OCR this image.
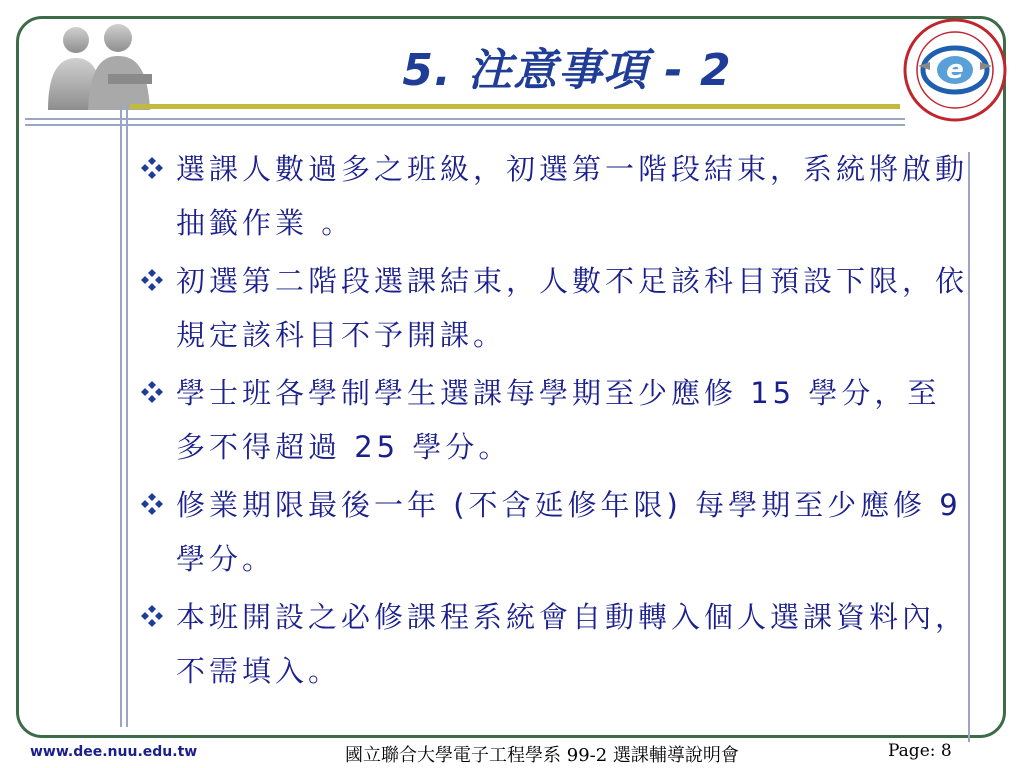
5. 注意事項 - 2	e
選課人數過多之班級，初選第一階段結束，系統將啟動抽籤作業 。
初選第二階段選課結束，人數不足該科目預設下限，依規定該科目不予開課。
學士班各學制學生選課每學期至少應修 15 學分，至多不得超過 25 學分。
修業期限最後一年 (不含延修年限) 每學期至少應修 9 學分。
本班開設之必修課程系統會自動轉入個人選課資料內，不需填入。
www.dee.nuu.edu.tw	國立聯合大學電子工程學系 99-2 選課輔導說明會	Page: 8
